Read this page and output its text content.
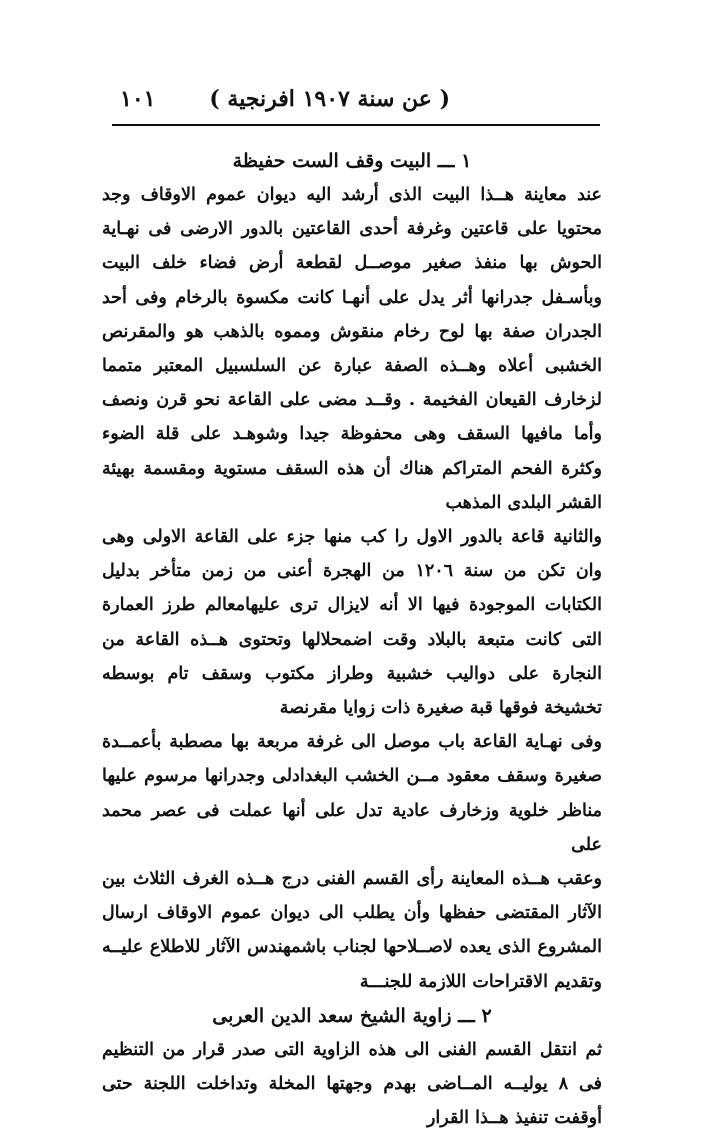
( عن سنة ١٩٠٧ افرنجية )
١٠١
١ ـــ البيت وقف الست حفيظة

عند معاينة هــذا البيت الذى أرشد اليه ديوان عموم الاوقاف وجد محتويا على قاعتين وغرفة أحدى القاعتين بالدور الارضى فى نهـاية الحوش بها منفذ صغير موصــل لقطعة أرض فضاء خلف البيت وبأسـفل جدرانها أثر يدل على أنهـا كانت مكسوة بالرخام وفى أحد الجدران صفة بها لوح رخام منقوش ومموه بالذهب هو والمقرنص الخشبى أعلاه وهــذه الصفة عبارة عن السلسبيل المعتبر متمما لزخارف القيعان الفخيمة . وقــد مضى على القاعة نحو قرن ونصف وأما مافيها السقف وهى محفوظة جيدا وشوهـد على قلة الضوء وكثرة الفحم المتراكم هناك أن هذه السقف مستوية ومقسمة بهيئة القشر البلدى المذهب

والثانية قاعة بالدور الاول را كب منها جزء على القاعة الاولى وهى وان تكن من سنة ١٢٠٦ من الهجرة أعنى من زمن متأخر بدليل الكتابات الموجودة فيها الا أنه لايزال ترى عليهامعالم طرز العمارة التى كانت متبعة بالبلاد وقت اضمحلالها وتحتوى هــذه القاعة من النجارة على دواليب خشبية وطراز مكتوب وسقف تام بوسطه تخشيخة فوقها قبة صغيرة ذات زوايا مقرنصة

وفى نهـاية القاعة باب موصل الى غرفة مربعة بها مصطبة بأعمــدة صغيرة وسقف معقود مــن الخشب البغدادلى وجدرانها مرسوم عليها مناظر خلوية وزخارف عادية تدل على أنها عملت فى عصر محمد على

وعقب هــذه المعاينة رأى القسم الفنى درج هــذه الغرف الثلاث بين الآثار المقتضى حفظها وأن يطلب الى ديوان عموم الاوقاف ارسال المشروع الذى يعده لاصــلاحها لجناب باشمهندس الآثار للاطلاع عليــه وتقديم الاقتراحات اللازمة للجنـــة

٢ ـــ زاوية الشيخ سعد الدين العربى

ثم انتقل القسم الفنى الى هذه الزاوية التى صدر قرار من التنظيم فى ٨ يوليــه المــاضى بهدم وجهتها المخلة وتداخلت اللجنة حتى أوقفت تنفيذ هــذا القرار
